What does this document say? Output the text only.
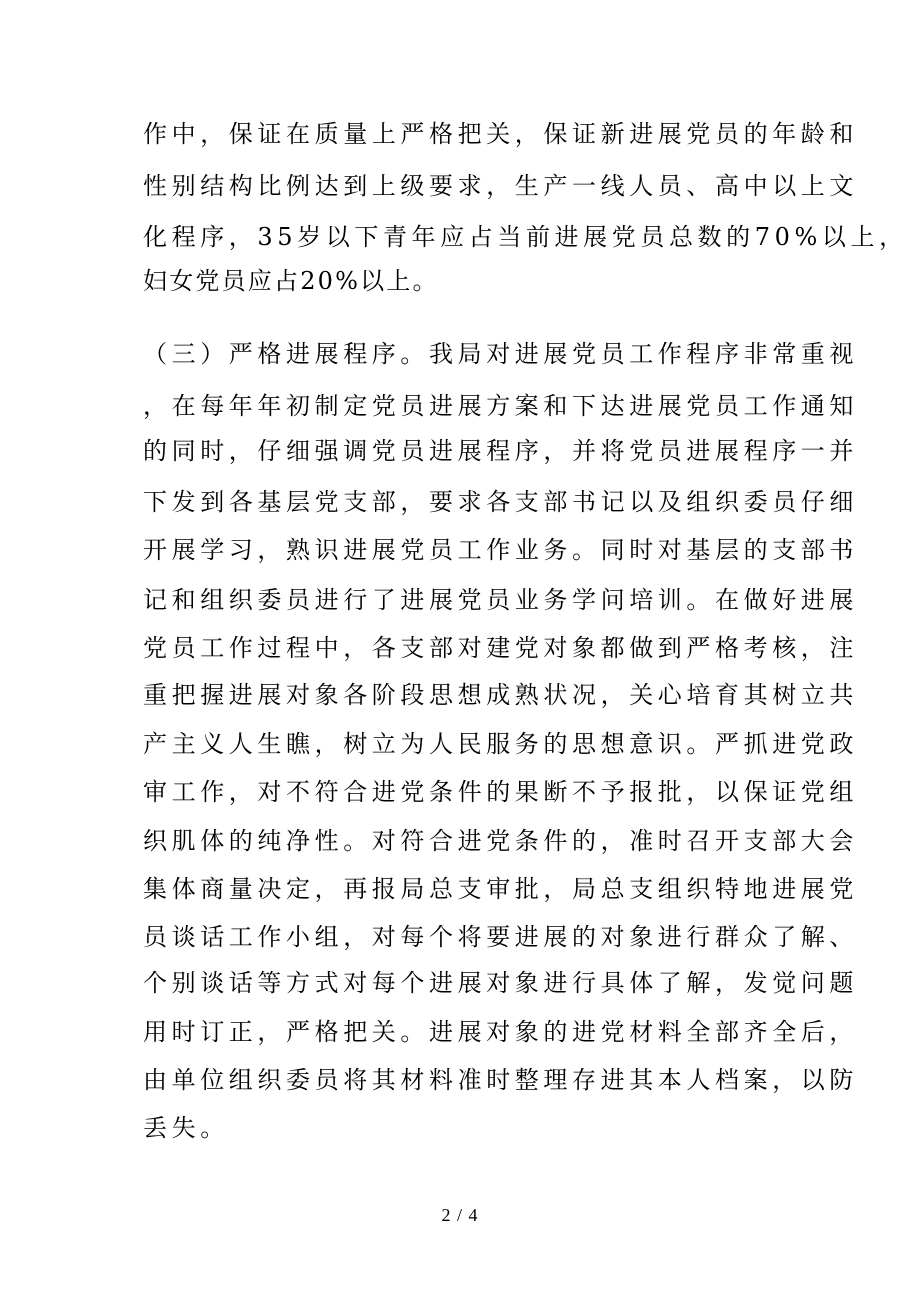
作中，保证在质量上严格把关，保证新进展党员的年龄和
性别结构比例达到上级要求，生产一线人员、高中以上文
化程序，35岁以下青年应占当前进展党员总数的70%以上，
妇女党员应占20%以上。
（三）严格进展程序。我局对进展党员工作程序非常重视
，在每年年初制定党员进展方案和下达进展党员工作通知
的同时，仔细强调党员进展程序，并将党员进展程序一并
下发到各基层党支部，要求各支部书记以及组织委员仔细
开展学习，熟识进展党员工作业务。同时对基层的支部书
记和组织委员进行了进展党员业务学问培训。在做好进展
党员工作过程中，各支部对建党对象都做到严格考核，注
重把握进展对象各阶段思想成熟状况，关心培育其树立共
产主义人生瞧，树立为人民服务的思想意识。严抓进党政
审工作，对不符合进党条件的果断不予报批，以保证党组
织肌体的纯净性。对符合进党条件的，准时召开支部大会
集体商量决定，再报局总支审批，局总支组织特地进展党
员谈话工作小组，对每个将要进展的对象进行群众了解、
个别谈话等方式对每个进展对象进行具体了解，发觉问题
用时订正，严格把关。进展对象的进党材料全部齐全后，
由单位组织委员将其材料准时整理存进其本人档案，以防
丢失。
2 / 4
